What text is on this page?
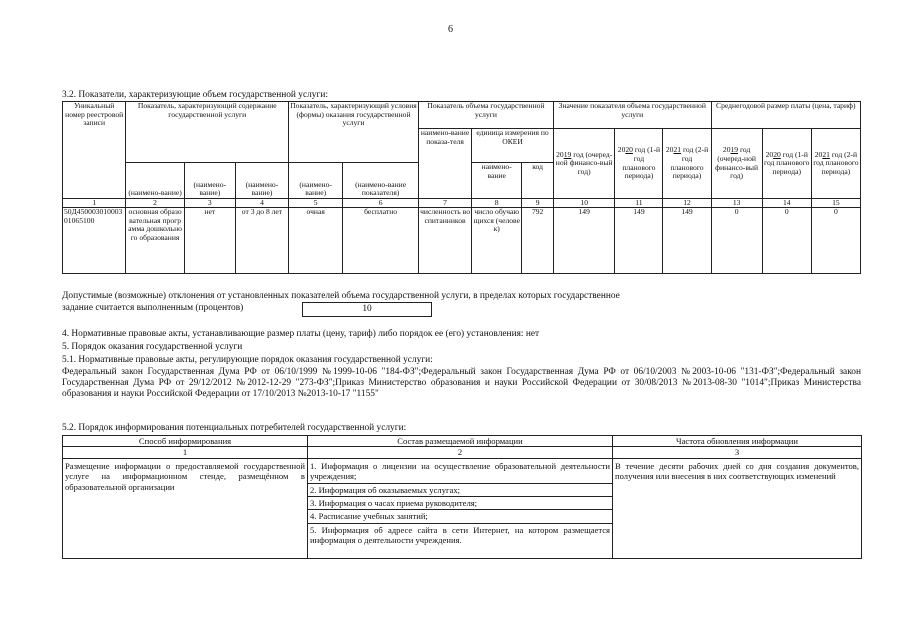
6
3.2. Показатели, характеризующие объем государственной услуги:
Уникальный номер реестровой записи	Показатель, характеризующий содержание государственной услуги			Показатель, характеризующий условия (формы) оказания государственной услуги		Показатель объема государственной услуги			Значение показателя объема государственной услуги			Среднегодовой размер платы (цена, тариф)		
						наимено-вание показа-теля	единица измерения по ОКЕИ		2019 год (очеред-ной финансо-вый год)	2020 год (1-й год планового периода)	2021 год (2-й год планового периода)	2019 год (очеред-ной финансо-вый год)	2020 год (1-й год планового периода)	2021 год (2-й год планового периода)
	(наимено-вание)	(наимено-вание)	(наимено-вание)	(наимено-вание)	(наимено-вание показателя)		наимено-вание	код						
1	2	3	4	5	6	7	8	9	10	11	12	13	14	15
50Д45000301000301065100	основная образовательная программа дошкольного образования	нет	от 3 до 8 лет	очная	бесплатно	численность воспитанников	число обучающихся (человек)	792	149	149	149	0	0	0
Допустимые (возможные) отклонения от установленных показателей объема государственной услуги, в пределах которых государственное
задание считается выполненным (процентов)	10
4. Нормативные правовые акты, устанавливающие размер платы (цену, тариф) либо порядок ее (его) установления: нет
5. Порядок оказания государственной услуги
5.1. Нормативные правовые акты, регулирующие порядок оказания государственной услуги:
Федеральный закон Государственная Дума РФ от 06/10/1999 №1999-10-06 "184-ФЗ";Федеральный закон Государственная Дума РФ от 06/10/2003 №2003-10-06 "131-ФЗ";Федеральный закон Государственная Дума РФ от 29/12/2012 №2012-12-29 "273-ФЗ";Приказ Министерство образования и науки Российской Федерации от 30/08/2013 №2013-08-30 "1014";Приказ Министерства образования и науки Российской Федерации от 17/10/2013 №2013-10-17 "1155"
5.2. Порядок информирования потенциальных потребителей государственной услуги:
Способ информирования	Состав размещаемой информации	Частота обновления информации
1	2	3
Размещение информации о предоставляемой государственной услуге на информационном стенде, размещённом в образовательной организации	1. Информация о лицензии на осуществление образовательной деятельности учреждения;
2. Информация об оказываемых услугах;
3. Информация о часах приема руководителя;
4. Расписание учебных занятий;
5. Информация об адресе сайта в сети Интернет, на котором размещается информация о деятельности учреждения.	В течение десяти рабочих дней со дня создания документов, получения или внесения в них соответствующих изменений
